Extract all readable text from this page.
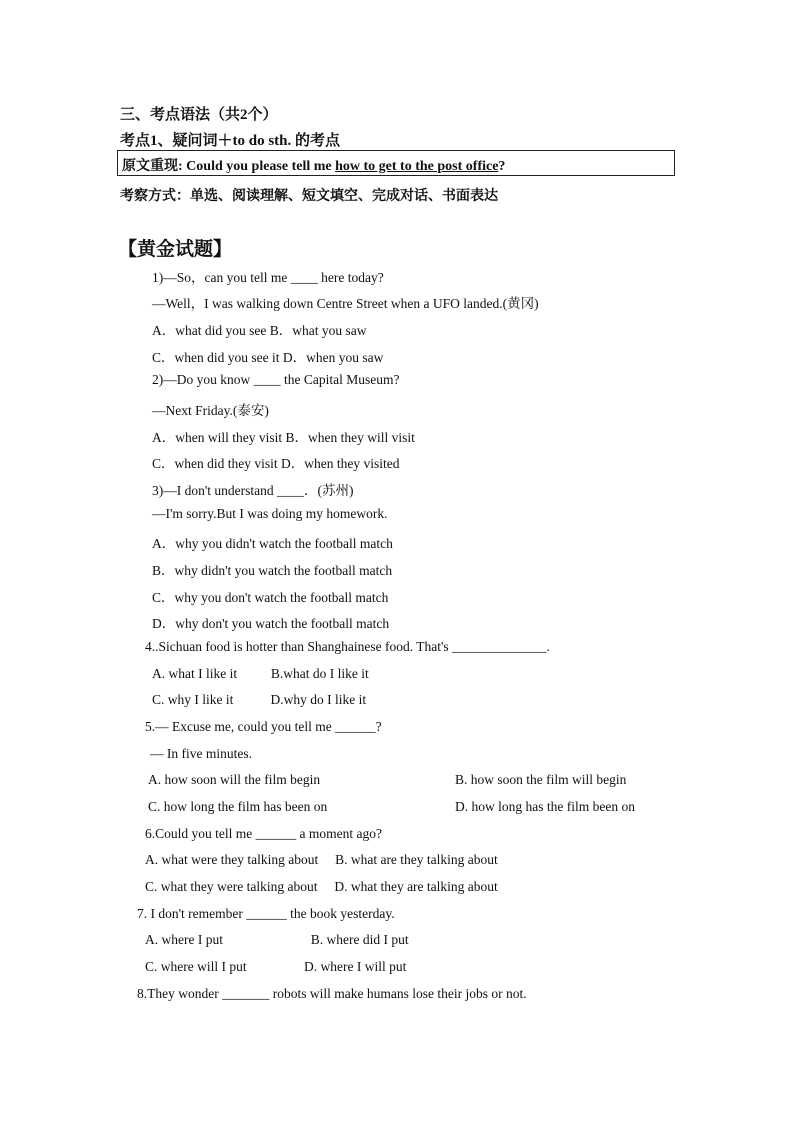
三、考点语法（共2个）
考点1、疑问词＋to do sth. 的考点
原文重现: Could you please tell me how to get to the post office?
考察方式：单选、阅读理解、短文填空、完成对话、书面表达
【黄金试题】
1)—So，can you tell me ____ here today?
—Well，I was walking down Centre Street when a UFO landed.(黄冈)
A．what did you see B．what you saw
C．when did you see it D．when you saw
2)—Do you know ____ the Capital Museum?
—Next Friday.(泰安)
A．when will they visit B．when they will visit
C．when did they visit D．when they visited
3)—I don't understand ____．(苏州)
—I'm sorry.But I was doing my homework.
A．why you didn't watch the football match
B．why didn't you watch the football match
C．why you don't watch the football match
D．why don't you watch the football match
4..Sichuan food is hotter than Shanghainese food. That's ______________.
A. what I like it          B.what do I like it
C. why I like it           D.why do I like it
5.— Excuse me, could you tell me ______?
— In five minutes.
A. how soon will the film begin	B. how soon the film will begin
C. how long the film has been on	D. how long has the film been on
6.Could you tell me ______ a moment ago?
A. what were they talking about     B. what are they talking about
C. what they were talking about     D. what they are talking about
7. I don't remember ______ the book yesterday.
A. where I put                          B. where did I put
C. where will I put                 D. where I will put
8.They wonder _______ robots will make humans lose their jobs or not.
